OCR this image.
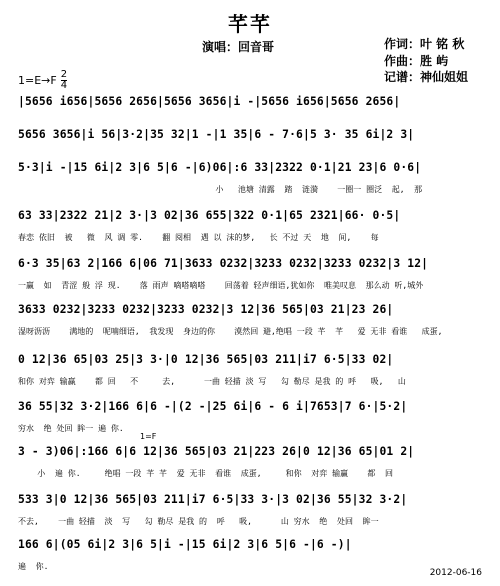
芊芊
演唱：回音哥	作词：叶 铭 秋
作曲：胜 屿
记谱：神仙姐姐
$1=E\to F \frac{2}{4}$
|5656 i656|5656 2656|5656 3656|i -|5656 i656|5656 2656|
5656 3656|i 56|3·2|35 32|1 -|1 35|6 - 7·6|5 3· 35 6i|2 3|
5·3|i -|15 6i|2 3|6 5|6 -|6)06|:6 33|2322 0·1|21 23|6 0·6|
小   池塘 清露  踏  涟漪    一圈一 圈泛  起,  那
63 33|2322 21|2 3·|3 02|36 655|322 0·1|65 2321|66· 0·5|
春恋 依旧  被   微  风 调 零.    翻 阅相  遇 以 沫的梦,   长 不过 天  地  间,    每
6·3 35|63 2|166 6|06 71|3633 0232|3233 0232|3233 0232|3 12|
一赢  如  青涩 般 浮 现.    落 雨声 嘀嗒嘀嗒    回荡着 轻声细语,犹如你  唯美叹息  那么动 听,城外
3633 0232|3233 0232|3233 0232|3 12|36 565|03 21|23 26|
湿呀沥沥    满地的  呢喃细语,  我发现  身边的你    漠然回 避,绝唱 一段 芊  芊   爱 无非 看谁   成蛋,
0 12|36 65|03 25|3 3·|0 12|36 565|03 211|i7 6·5|33 02|
和你 对弈 输赢    都 回   不     去,      一曲 轻描 淡 写   勾 勒尽 是我 的 呼   吸,   山
36 55|32 3·2|166 6|6 -|(2 -|25 6i|6 - 6 i|7653|7 6·|5·2|
穷水  绝 处回 眸一 遍 你.
1=F
3 - 3)06|:166 6|6 12|36 565|03 21|223 26|0 12|36 65|01 2|
小  遍 你.     绝唱 一段 芊 芊  爱 无非  看谁  成蛋,     和你  对弈 输赢    都  回
533 3|0 12|36 565|03 211|i7 6·5|33 3·|3 02|36 55|32 3·2|
不去,    一曲 轻描  淡  写   勾 勒尽 是我 的  呼   吸,      山 穷水  绝  处回  眸一
166 6|(05 6i|2 3|6 5|i -|15 6i|2 3|6 5|6 -|6 -)|
遍  你.
2012-06-16
